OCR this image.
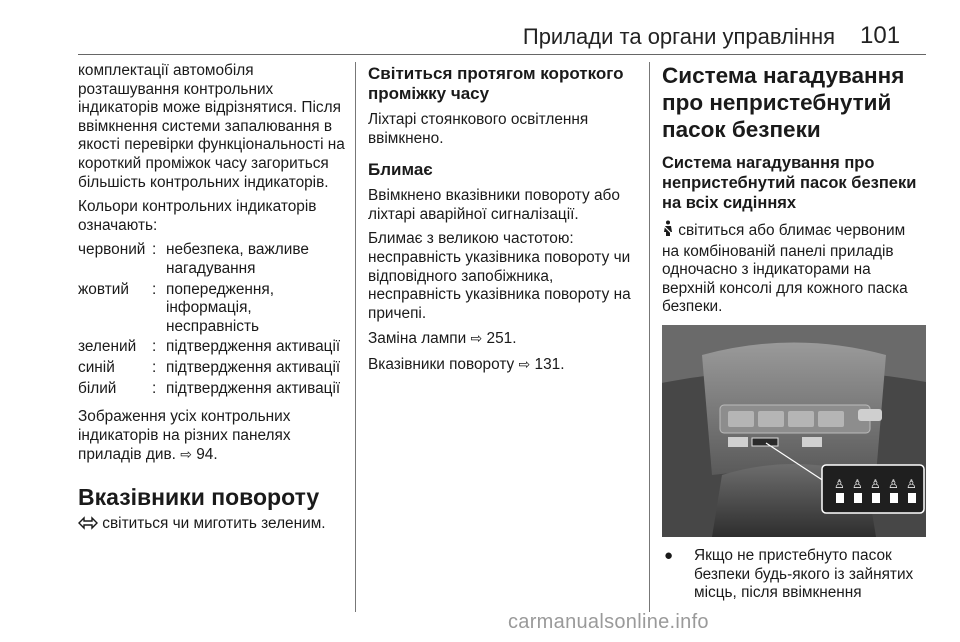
Прилади та органи управління 101

комплектації автомобіля розташування контрольних індикаторів може відрізнятися. Після ввімкнення системи запалювання в якості перевірки функціональності на короткий проміжок часу загориться більшість контрольних індикаторів.

Кольори контрольних індикаторів означають:

червоний	:	небезпека, важливе нагадування
жовтий	:	попередження, інформація, несправність
зелений	:	підтвердження активації
синій	:	підтвердження активації
білий	:	підтвердження активації

Зображення усіх контрольних індикаторів на різних панелях приладів див. ⇨ 94.

Вказівники повороту

світиться чи миготить зеленим.

Світиться протягом короткого проміжку часу

Ліхтарі стоянкового освітлення ввімкнено.

Блимає

Ввімкнено вказівники повороту або ліхтарі аварійної сигналізації.

Блимає з великою частотою: несправність указівника повороту чи відповідного запобіжника, несправність указівника повороту на причепі.

Заміна лампи ⇨ 251.

Вказівники повороту ⇨ 131.

Система нагадування про непристебнутий пасок безпеки
Система нагадування про непристебнутий пасок безпеки на всіх сидіннях

світиться або блимає червоним на комбінованій панелі приладів одночасно з індикаторами на верхній консолі для кожного паска безпеки.

♙ ♙ ♙ ♙ ♙
●	Якщо не пристебнуто пасок безпеки будь-якого із зайнятих місць, після ввімкнення

carmanualsonline.info
